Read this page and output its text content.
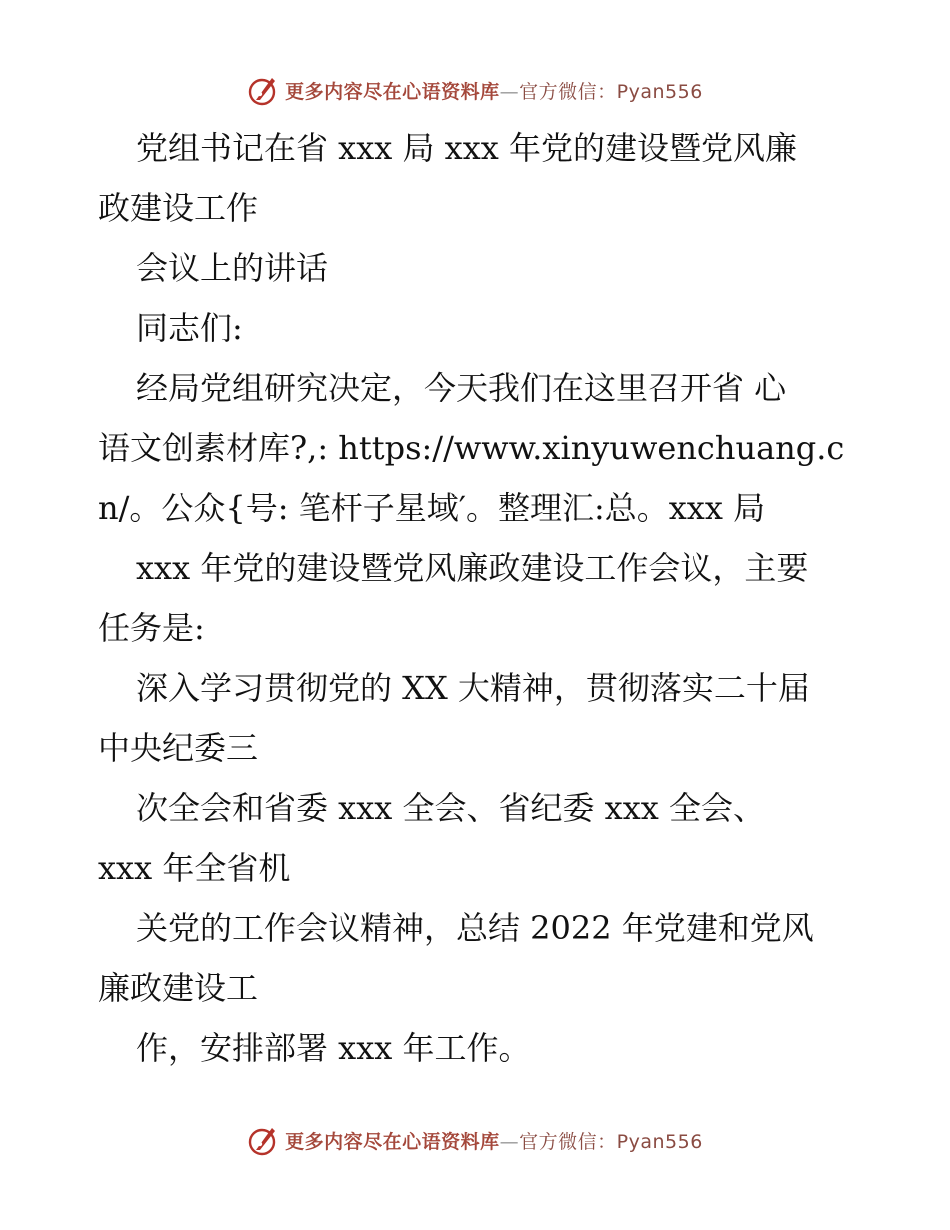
更多内容尽在心语资料库—官方微信：Pyan556
党组书记在省 xxx 局 xxx 年党的建设暨党风廉
政建设工作
会议上的讲话
同志们:
经局党组研究决定，今天我们在这里召开省 心
语文创素材库?,: https://www.xinyuwenchuang.c
n/。公众{号: 笔杆子星域′。整理汇:总。xxx 局
xxx 年党的建设暨党风廉政建设工作会议，主要
任务是:
深入学习贯彻党的 XX 大精神，贯彻落实二十届
中央纪委三
次全会和省委 xxx 全会、省纪委 xxx 全会、
xxx 年全省机
关党的工作会议精神，总结 2022 年党建和党风
廉政建设工
作，安排部署 xxx 年工作。
更多内容尽在心语资料库—官方微信：Pyan556
